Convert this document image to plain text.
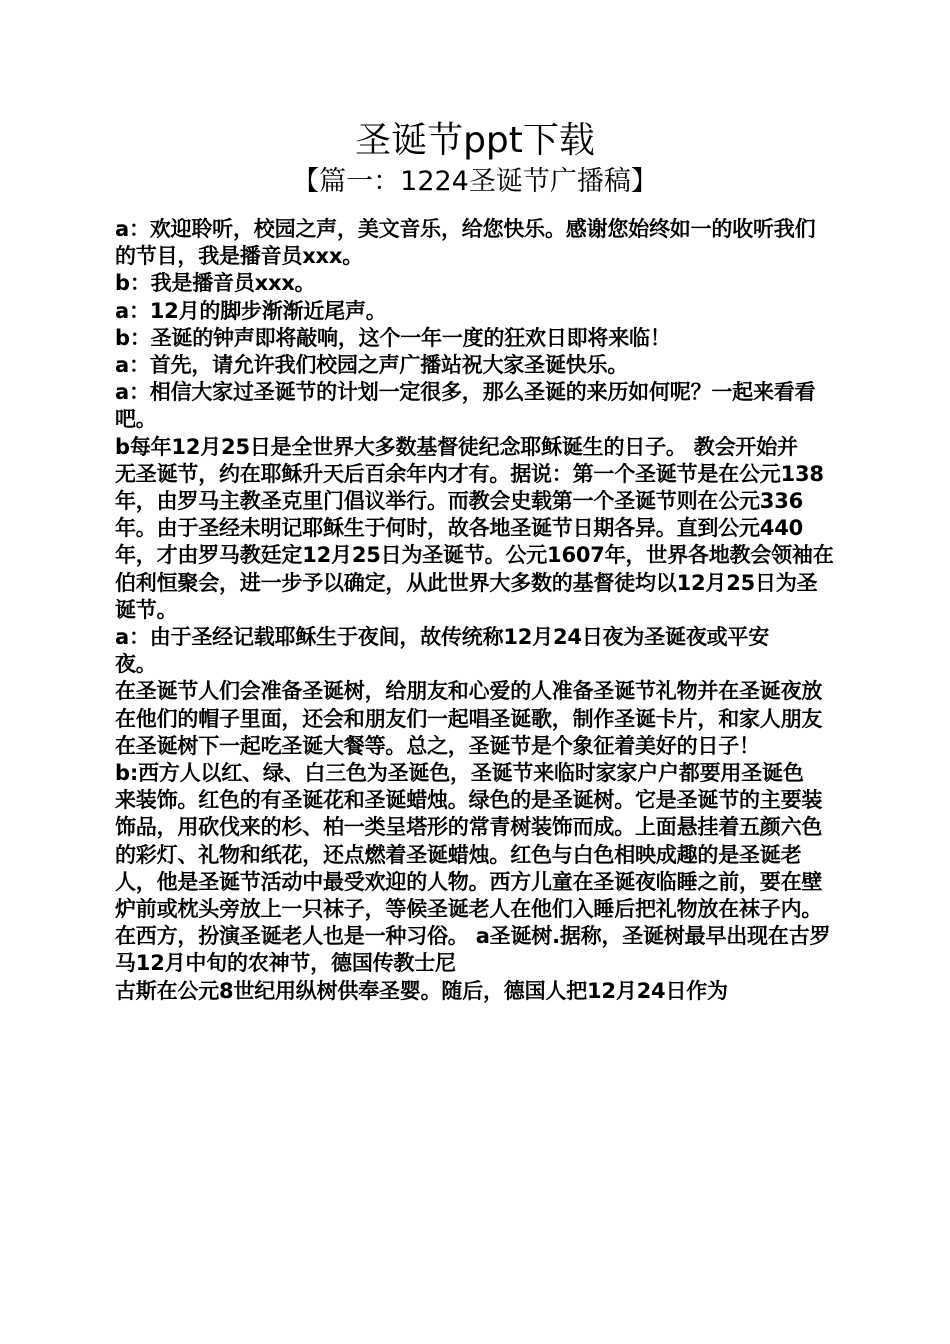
圣诞节ppt下载
【篇一：1224圣诞节广播稿】

a：欢迎聆听，校园之声，美文音乐，给您快乐。感谢您始终如一的收听我们

的节目，我是播音员xxx。

b：我是播音员xxx。

a：12月的脚步渐渐近尾声。

b：圣诞的钟声即将敲响，这个一年一度的狂欢日即将来临！

a：首先，请允许我们校园之声广播站祝大家圣诞快乐。

a：相信大家过圣诞节的计划一定很多，那么圣诞的来历如何呢？一起来看看

吧。

b每年12月25日是全世界大多数基督徒纪念耶稣诞生的日子。 教会开始并

无圣诞节，约在耶稣升天后百余年内才有。据说：第一个圣诞节是在公元138年，由罗马主教圣克里门倡议举行。而教会史载第一个圣诞节则在公元336年。由于圣经未明记耶稣生于何时，故各地圣诞节日期各异。直到公元440年，才由罗马教廷定12月25日为圣诞节。公元1607年，世界各地教会领袖在伯利恒聚会，进一步予以确定，从此世界大多数的基督徒均以12月25日为圣诞节。

a：由于圣经记载耶稣生于夜间，故传统称12月24日夜为圣诞夜或平安

夜。

在圣诞节人们会准备圣诞树，给朋友和心爱的人准备圣诞节礼物并在圣诞夜放在他们的帽子里面，还会和朋友们一起唱圣诞歌，制作圣诞卡片，和家人朋友在圣诞树下一起吃圣诞大餐等。总之，圣诞节是个象征着美好的日子！

b:西方人以红、绿、白三色为圣诞色，圣诞节来临时家家户户都要用圣诞色

来装饰。红色的有圣诞花和圣诞蜡烛。绿色的是圣诞树。它是圣诞节的主要装饰品，用砍伐来的杉、柏一类呈塔形的常青树装饰而成。上面悬挂着五颜六色的彩灯、礼物和纸花，还点燃着圣诞蜡烛。红色与白色相映成趣的是圣诞老人，他是圣诞节活动中最受欢迎的人物。西方儿童在圣诞夜临睡之前，要在壁炉前或枕头旁放上一只袜子，等候圣诞老人在他们入睡后把礼物放在袜子内。在西方，扮演圣诞老人也是一种习俗。 a圣诞树.据称，圣诞树最早出现在古罗马12月中旬的农神节，德国传教士尼

古斯在公元8世纪用纵树供奉圣婴。随后，德国人把12月24日作为
